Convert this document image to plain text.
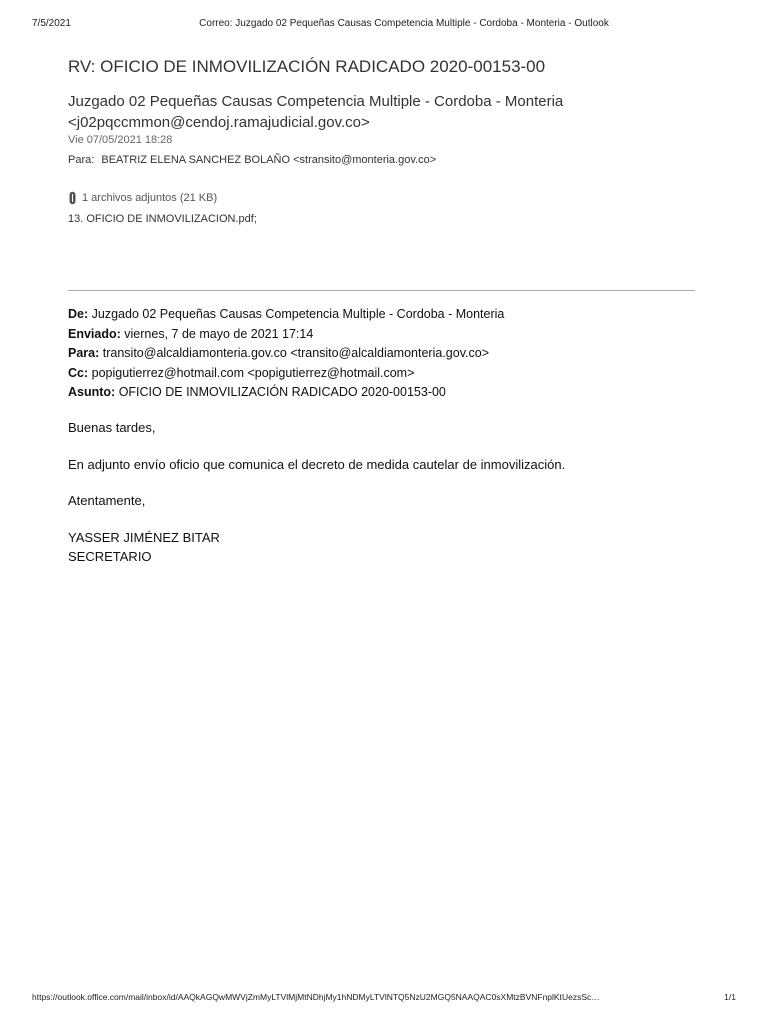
7/5/2021	Correo: Juzgado 02 Pequeñas Causas Competencia Multiple - Cordoba - Monteria - Outlook
RV: OFICIO DE INMOVILIZACIÓN RADICADO 2020-00153-00
Juzgado 02 Pequeñas Causas Competencia Multiple - Cordoba - Monteria
<j02pqccmmon@cendoj.ramajudicial.gov.co>
Vie 07/05/2021 18:28
Para: BEATRIZ ELENA SANCHEZ BOLAÑO <stransito@monteria.gov.co>
1 archivos adjuntos (21 KB)
13. OFICIO DE INMOVILIZACION.pdf;
De: Juzgado 02 Pequeñas Causas Competencia Multiple - Cordoba - Monteria
Enviado: viernes, 7 de mayo de 2021 17:14
Para: transito@alcaldiamonteria.gov.co <transito@alcaldiamonteria.gov.co>
Cc: popigutierrez@hotmail.com <popigutierrez@hotmail.com>
Asunto: OFICIO DE INMOVILIZACIÓN RADICADO 2020-00153-00

Buenas tardes,

En adjunto envío oficio que comunica el decreto de medida cautelar de inmovilización.

Atentamente,

YASSER JIMÉNEZ BITAR

SECRETARIO

https://outlook.office.com/mail/inbox/id/AAQkAGQwMWVjZmMyLTVlMjMtNDhjMy1hNDMyLTVlNTQ5NzU2MGQ5NAAQAC0sXMtzBVNFnplKtUezsSc…	1/1
